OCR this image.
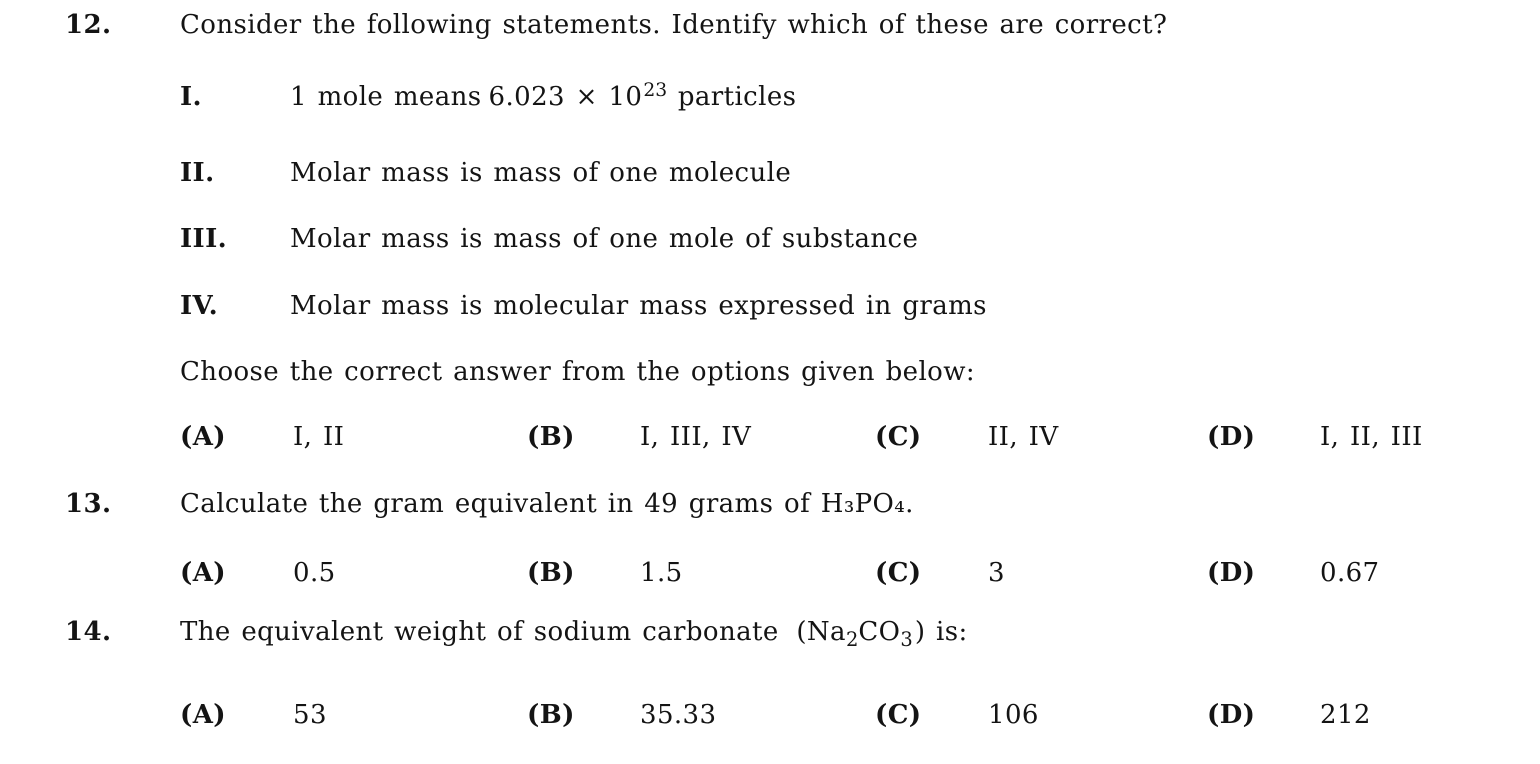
12.	Consider the following statements. Identify which of these are correct?
I.	1 mole means $6.023 \times 10^{23}$ particles
II.	Molar mass is mass of one molecule
III.	Molar mass is mass of one mole of substance
IV.	Molar mass is molecular mass expressed in grams
Choose the correct answer from the options given below:
(A)	I, II	(B)	I, III, IV	(C)	II, IV	(D)	I, II, III
13.	Calculate the gram equivalent in 49 grams of H₃PO₄.
(A)	0.5	(B)	1.5	(C)	3	(D)	0.67
14.	The equivalent weight of sodium carbonate $(Na_2CO_3)$ is:
(A)	53	(B)	35.33	(C)	106	(D)	212
